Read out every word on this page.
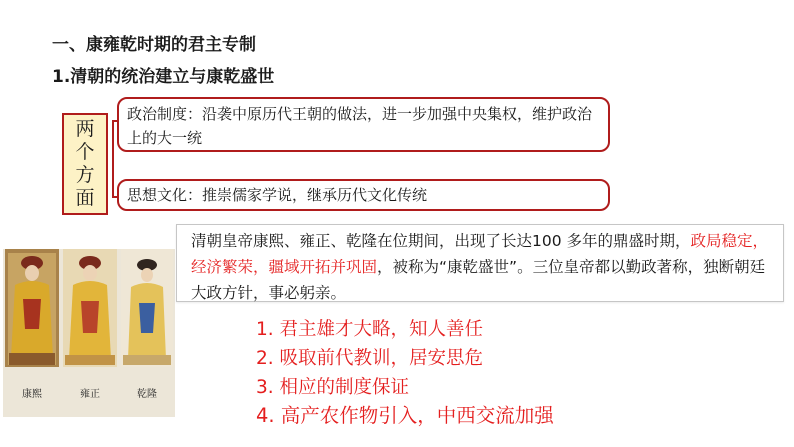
一、康雍乾时期的君主专制
1.清朝的统治建立与康乾盛世
两
个
方
面
政治制度：沿袭中原历代王朝的做法，进一步加强中央集权，维护政治上的大一统
思想文化：推崇儒家学说，继承历代文化传统
康熙	雍正	乾隆
清朝皇帝康熙、雍正、乾隆在位期间，出现了长达100 多年的鼎盛时期，政局稳定，经济繁荣，疆域开拓并巩固，被称为“康乾盛世”。三位皇帝都以勤政著称，独断朝廷大政方针，事必躬亲。
1. 君主雄才大略，知人善任
2. 吸取前代教训，居安思危
3. 相应的制度保证
4. 高产农作物引入，中西交流加强
